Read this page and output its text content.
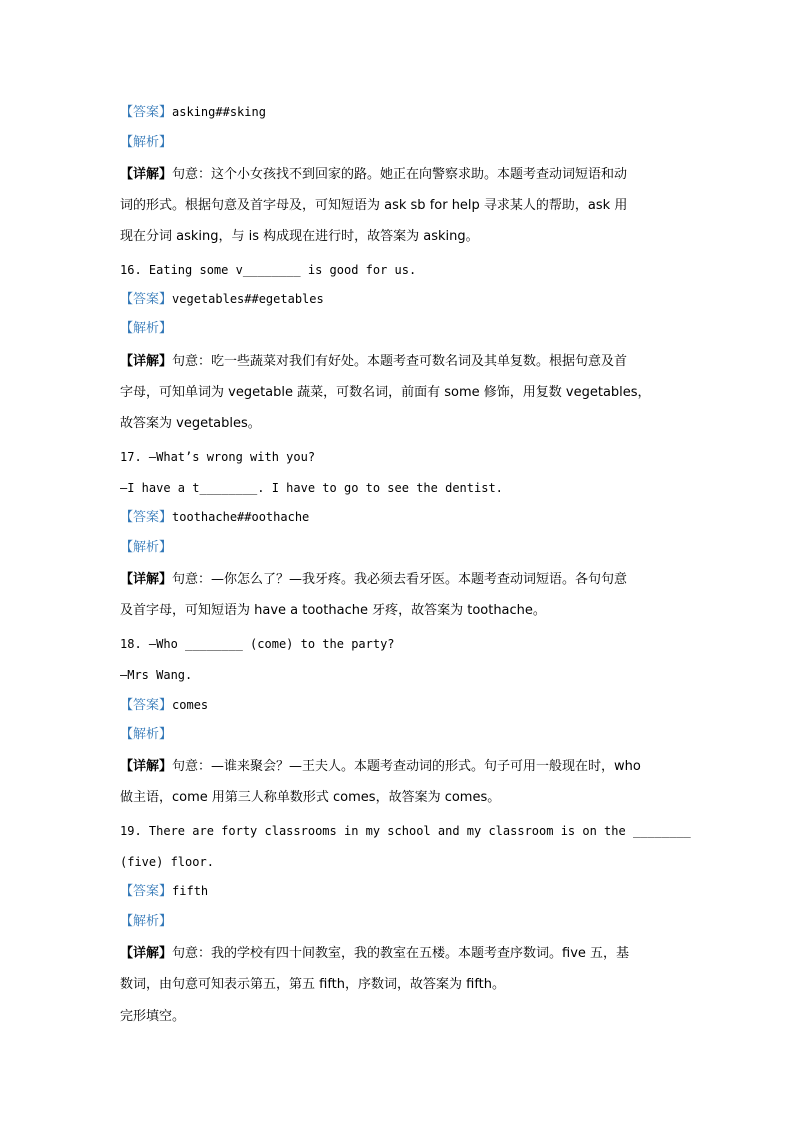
【答案】asking##sking
【解析】
【详解】句意：这个小女孩找不到回家的路。她正在向警察求助。本题考查动词短语和动
词的形式。根据句意及首字母及，可知短语为 ask sb for help 寻求某人的帮助，ask 用
现在分词 asking，与 is 构成现在进行时，故答案为 asking。
16. Eating some v________ is good for us.
【答案】vegetables##egetables
【解析】
【详解】句意：吃一些蔬菜对我们有好处。本题考查可数名词及其单复数。根据句意及首
字母，可知单词为 vegetable 蔬菜，可数名词，前面有 some 修饰，用复数 vegetables，
故答案为 vegetables。
17. —What’s wrong with you?
—I have a t________. I have to go to see the dentist.
【答案】toothache##oothache
【解析】
【详解】句意：—你怎么了？—我牙疼。我必须去看牙医。本题考查动词短语。各句句意
及首字母，可知短语为 have a toothache 牙疼，故答案为 toothache。
18. —Who ________ (come) to the party?
—Mrs Wang.
【答案】comes
【解析】
【详解】句意：—谁来聚会？—王夫人。本题考查动词的形式。句子可用一般现在时，who
做主语，come 用第三人称单数形式 comes，故答案为 comes。
19. There are forty classrooms in my school and my classroom is on the ________
(five) floor.
【答案】fifth
【解析】
【详解】句意：我的学校有四十间教室，我的教室在五楼。本题考查序数词。five 五，基
数词，由句意可知表示第五，第五 fifth，序数词，故答案为 fifth。
完形填空。
